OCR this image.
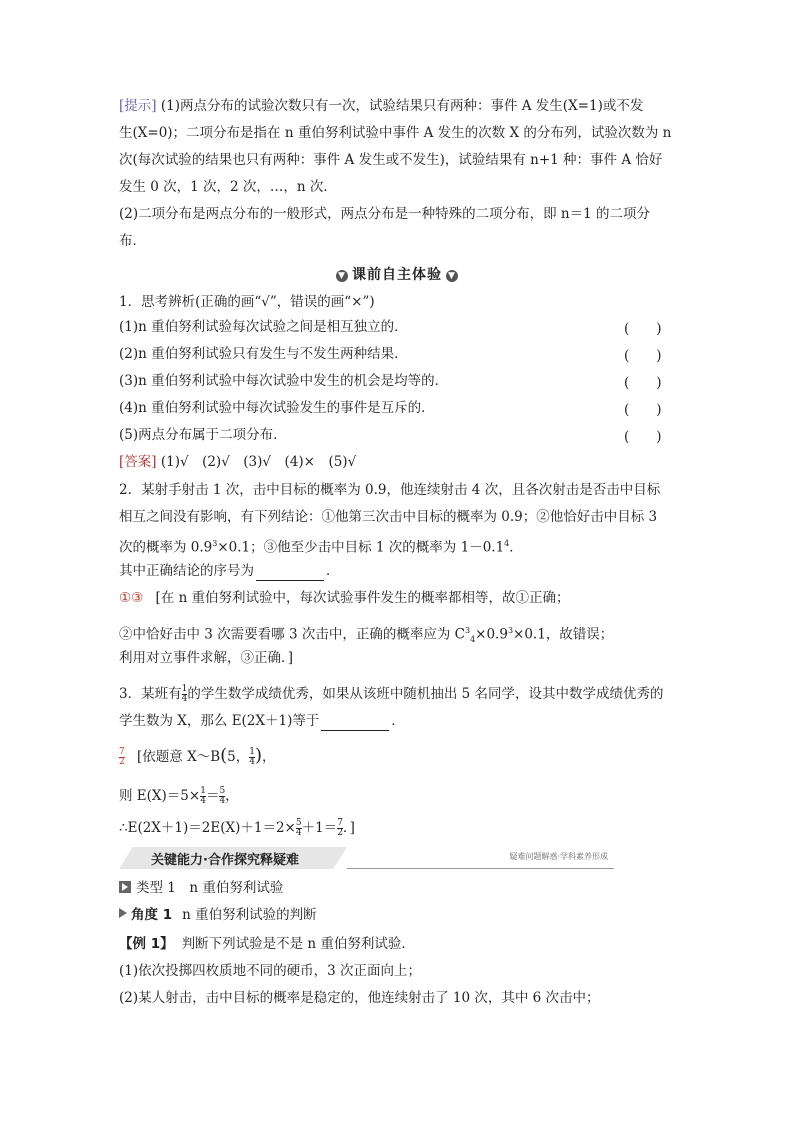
[提示] (1)两点分布的试验次数只有一次，试验结果只有两种：事件 A 发生(X=1)或不发
生(X=0)；二项分布是指在 n 重伯努利试验中事件 A 发生的次数 X 的分布列，试验次数为 n
次(每次试验的结果也只有两种：事件 A 发生或不发生)，试验结果有 n+1 种：事件 A 恰好
发生 0 次，1 次，2 次，…，n 次．
(2)二项分布是两点分布的一般形式，两点分布是一种特殊的二项分布，即 n＝1 的二项分
布．
▼ 课前自主体验 ▼
1．思考辨析(正确的画“√”，错误的画“×”)
(1)n 重伯努利试验每次试验之间是相互独立的．	(　　)
(2)n 重伯努利试验只有发生与不发生两种结果．	(　　)
(3)n 重伯努利试验中每次试验中发生的机会是均等的．	(　　)
(4)n 重伯努利试验中每次试验发生的事件是互斥的．	(　　)
(5)两点分布属于二项分布．	(　　)
[答案] (1)√　(2)√　(3)√　(4)×　(5)√
2．某射手射击 1 次，击中目标的概率为 0.9，他连续射击 4 次，且各次射击是否击中目标
相互之间没有影响，有下列结论：①他第三次击中目标的概率为 0.9；②他恰好击中目标 3
次的概率为 $0.9^3\times 0.1$；③他至少击中目标 1 次的概率为 $1-0.1^4$．
其中正确结论的序号为	．
①③ [在 n 重伯努利试验中，每次试验事件发生的概率都相等，故①正确；
②中恰好击中 3 次需要看哪 3 次击中，正确的概率应为 $C^3_4\times 0.9^3\times 0.1$，故错误；
利用对立事件求解，③正确．]
3．某班有 $\frac{1}{4}$ 的学生数学成绩优秀，如果从该班中随机抽出 5 名同学，设其中数学成绩优秀的
学生数为 X，那么 E(2X＋1)等于	．
$\frac{7}{2}$ [依题意 X～B(5， $\frac{1}{4}$ )，
则 $E(X)=5\times \frac{1}{4} = \frac{5}{4}$ ，
∴E(2X＋1)＝2E(X)＋1＝2× $\frac{5}{4} +1= \frac{7}{2}$ ．]
关键能力·合作探究释疑难	疑难问题解惑·学科素养形成
类型 1　n 重伯努利试验
角度 1 n 重伯努利试验的判断
【例 1】 判断下列试验是不是 n 重伯努利试验．
(1)依次投掷四枚质地不同的硬币，3 次正面向上；
(2)某人射击，击中目标的概率是稳定的，他连续射击了 10 次，其中 6 次击中；
